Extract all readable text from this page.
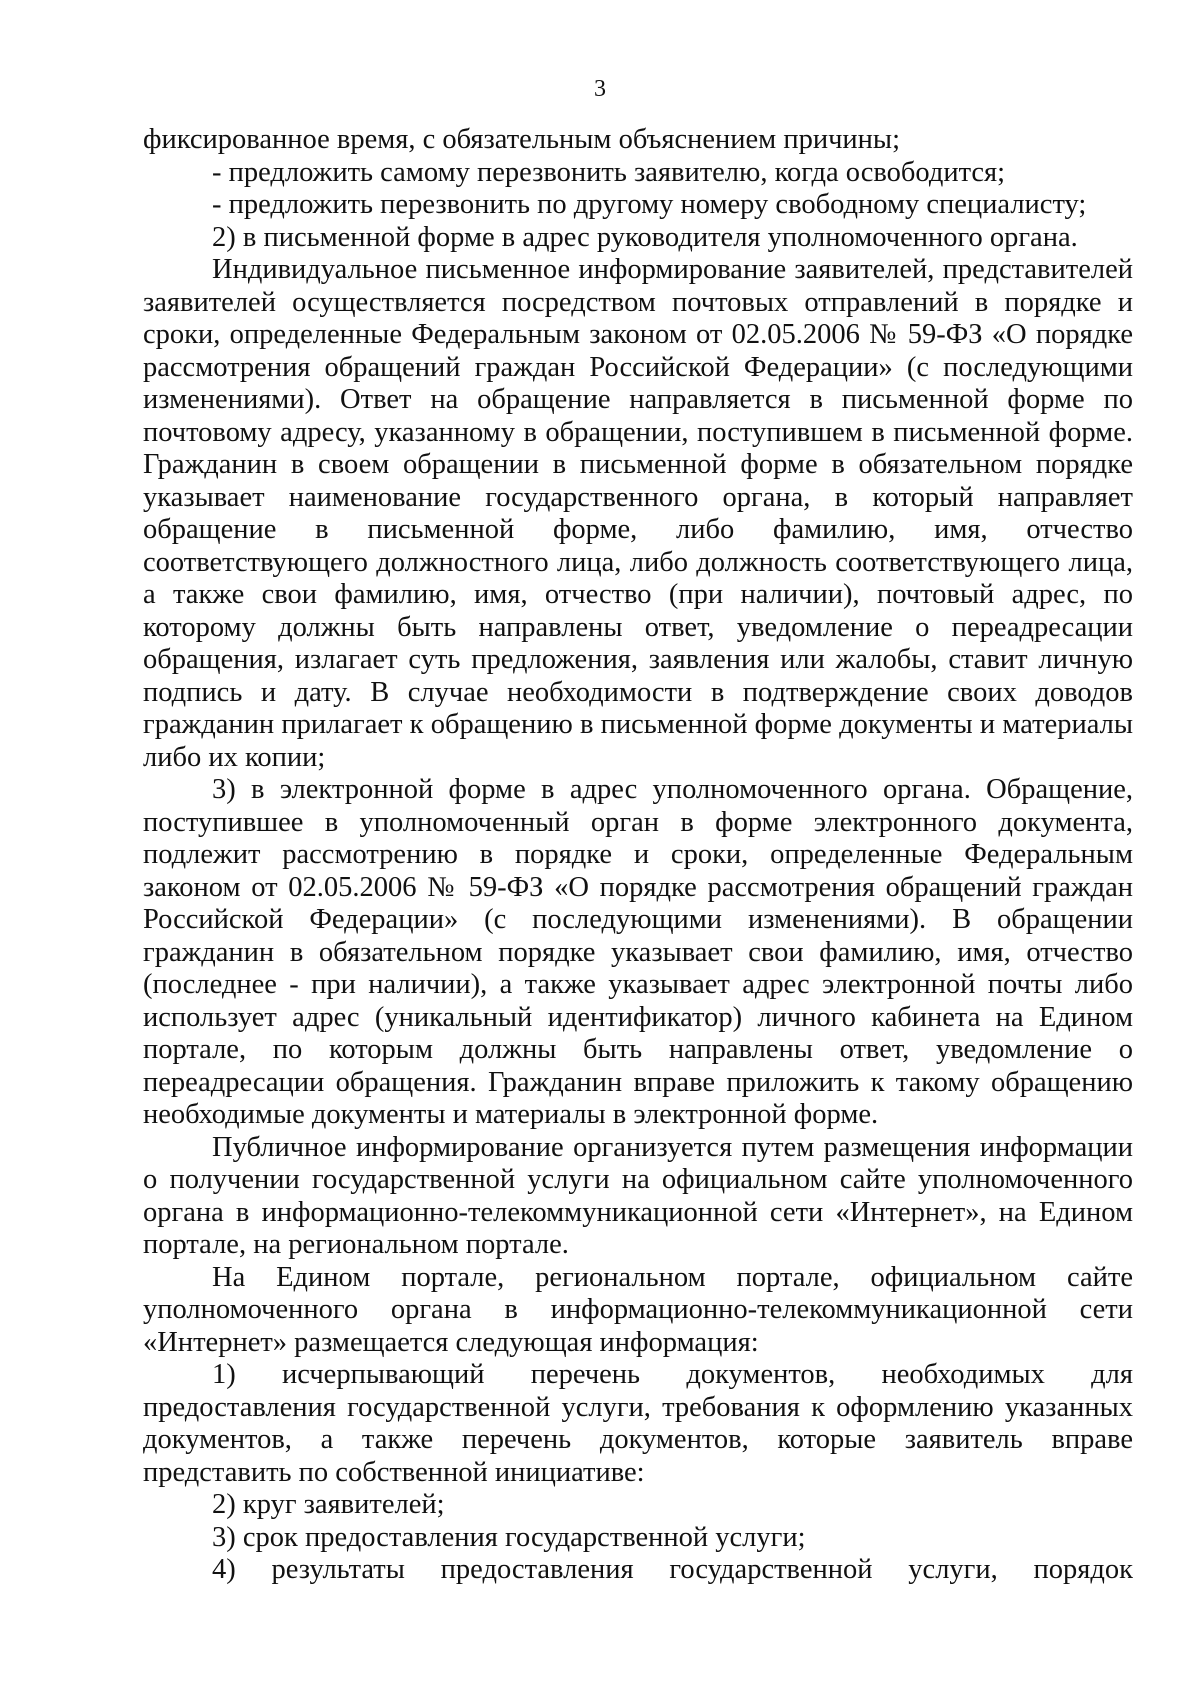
3

фиксированное время, с обязательным объяснением причины;

- предложить самому перезвонить заявителю, когда освободится;

- предложить перезвонить по другому номеру свободному специалисту;

2) в письменной форме в адрес руководителя уполномоченного органа.

Индивидуальное письменное информирование заявителей, представителей заявителей осуществляется посредством почтовых отправлений в порядке и сроки, определенные Федеральным законом от 02.05.2006 № 59-ФЗ «О порядке рассмотрения обращений граждан Российской Федерации» (с последующими изменениями). Ответ на обращение направляется в письменной форме по почтовому адресу, указанному в обращении, поступившем в письменной форме. Гражданин в своем обращении в письменной форме в обязательном порядке указывает наименование государственного органа, в который направляет обращение в письменной форме, либо фамилию, имя, отчество соответствующего должностного лица, либо должность соответствующего лица, а также свои фамилию, имя, отчество (при наличии), почтовый адрес, по которому должны быть направлены ответ, уведомление о переадресации обращения, излагает суть предложения, заявления или жалобы, ставит личную подпись и дату. В случае необходимости в подтверждение своих доводов гражданин прилагает к обращению в письменной форме документы и материалы либо их копии;

3) в электронной форме в адрес уполномоченного органа. Обращение, поступившее в уполномоченный орган в форме электронного документа, подлежит рассмотрению в порядке и сроки, определенные Федеральным законом от 02.05.2006 № 59-ФЗ «О порядке рассмотрения обращений граждан Российской Федерации» (с последующими изменениями). В обращении гражданин в обязательном порядке указывает свои фамилию, имя, отчество (последнее - при наличии), а также указывает адрес электронной почты либо использует адрес (уникальный идентификатор) личного кабинета на Едином портале, по которым должны быть направлены ответ, уведомление о переадресации обращения. Гражданин вправе приложить к такому обращению необходимые документы и материалы в электронной форме.

Публичное информирование организуется путем размещения информации о получении государственной услуги на официальном сайте уполномоченного органа в информационно-телекоммуникационной сети «Интернет», на Едином портале, на региональном портале.

На Едином портале, региональном портале, официальном сайте уполномоченного органа в информационно-телекоммуникационной сети «Интернет» размещается следующая информация:

1) исчерпывающий перечень документов, необходимых для предоставления государственной услуги, требования к оформлению указанных документов, а также перечень документов, которые заявитель вправе представить по собственной инициативе:

2) круг заявителей;

3) срок предоставления государственной услуги;

4) результаты предоставления государственной услуги, порядок
